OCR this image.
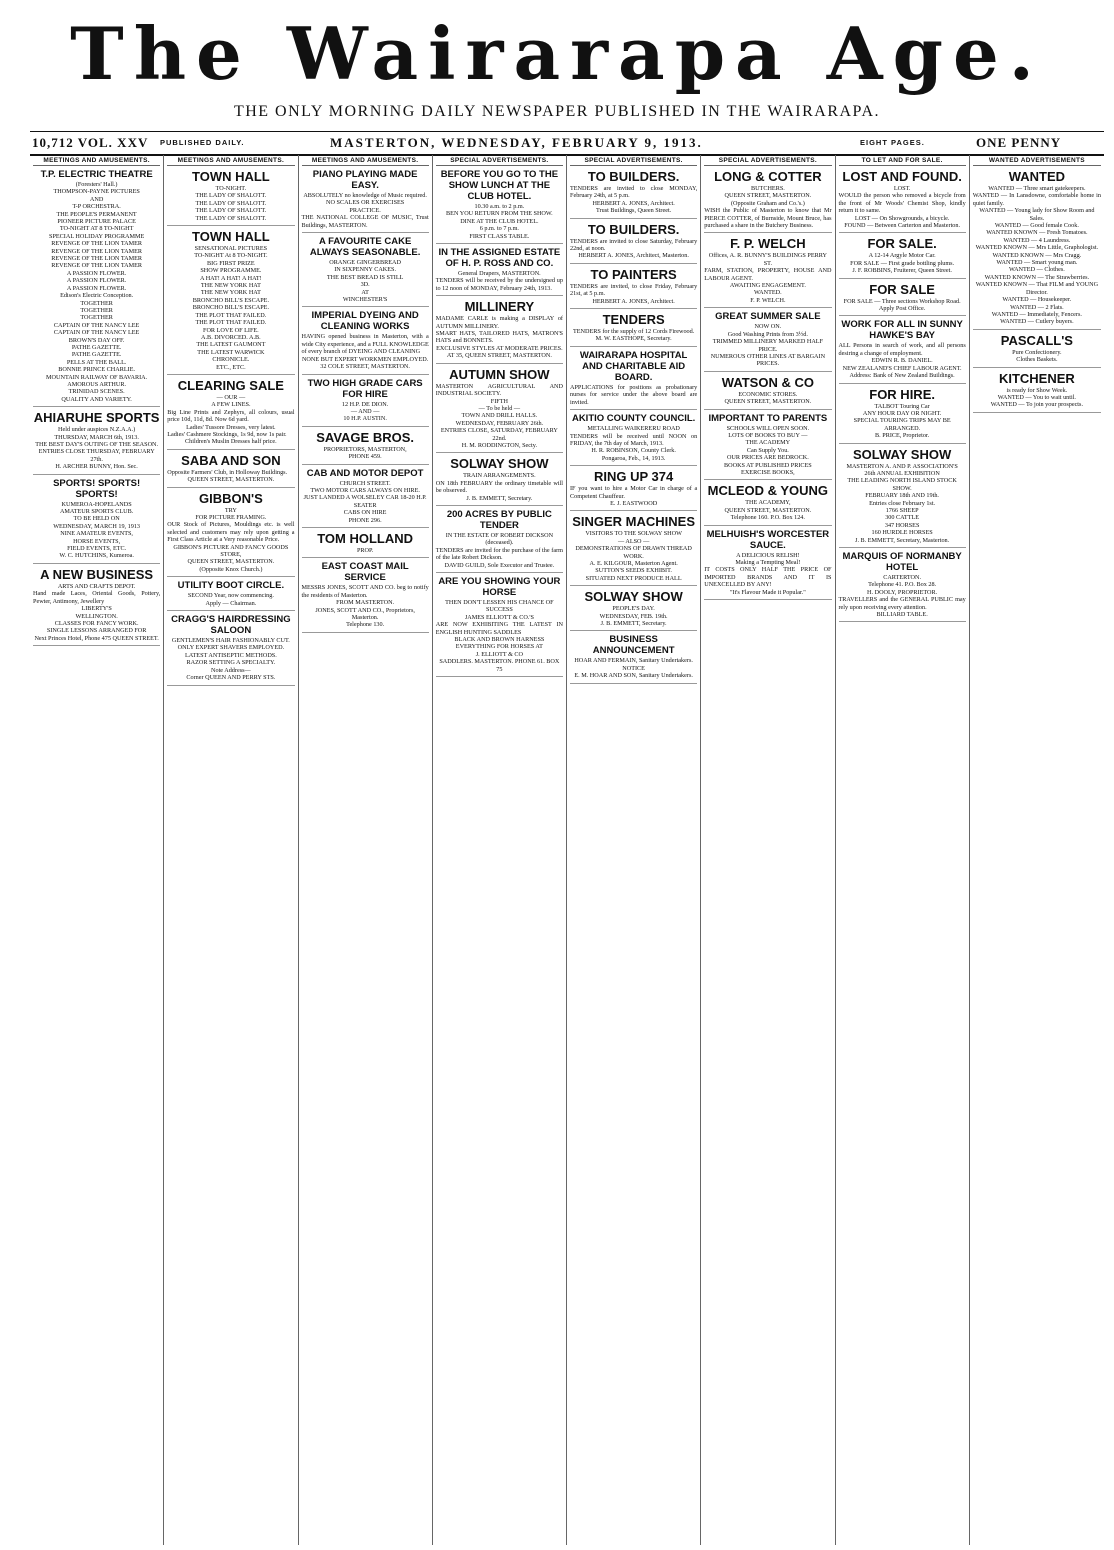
The Wairarapa Age.
THE ONLY MORNING DAILY NEWSPAPER PUBLISHED IN THE WAIRARAPA.
10,712 VOL. XXV PUBLISHED DAILY.	MASTERTON, WEDNESDAY, FEBRUARY 9, 1913.	EIGHT PAGES.	ONE PENNY
MEETINGS AND AMUSEMENTS.
T.P. ELECTRIC THEATRE
(Foresters' Hall.)
THOMPSON-PAYNE PICTURES
AND
T-P ORCHESTRA.
THE PEOPLE'S PERMANENT
PIONEER PICTURE PALACE
TO-NIGHT AT 8 TO-NIGHT
SPECIAL HOLIDAY PROGRAMME
REVENGE OF THE LION TAMER
REVENGE OF THE LION TAMER
REVENGE OF THE LION TAMER
REVENGE OF THE LION TAMER
A PASSION FLOWER.
A PASSION FLOWER.
A PASSION FLOWER.
Edison's Electric Conception.
TOGETHER
TOGETHER
TOGETHER
CAPTAIN OF THE NANCY LEE
CAPTAIN OF THE NANCY LEE
BROWN'S DAY OFF.
PATHE GAZETTE.
PATHE GAZETTE.
PELLS AT THE BALL.
BONNIE PRINCE CHARLIE.
MOUNTAIN RAILWAY OF BAVARIA.
AMOROUS ARTHUR.
TRINIDAD SCENES.
QUALITY AND VARIETY.
AHIARUHE SPORTS
Held under auspices N.Z.A.A.)
THURSDAY, MARCH 6th, 1913.
THE BEST DAY'S OUTING OF THE SEASON.
ENTRIES CLOSE THURSDAY, FEBRUARY 27th.
H. ARCHER BUNNY, Hon. Sec.
SPORTS! SPORTS! SPORTS!
KUMEROA-HOPELANDS
AMATEUR SPORTS CLUB.
TO BE HELD ON
WEDNESDAY, MARCH 19, 1913
NINE AMATEUR EVENTS,
HORSE EVENTS,
FIELD EVENTS, ETC.
W. C. HUTCHINS, Kumeroa.
A NEW BUSINESS
ARTS AND CRAFTS DEPOT.
Hand made Laces, Oriental Goods, Pottery, Pewter, Antimony, Jewellery
LIBERTY'S
WELLINGTON.
CLASSES FOR FANCY WORK.
SINGLE LESSONS ARRANGED FOR
Next Princes Hotel, Phone 475 QUEEN STREET.
MEETINGS AND AMUSEMENTS.
TOWN HALL
TO-NIGHT.
THE LADY OF SHALOTT.
THE LADY OF SHALOTT.
THE LADY OF SHALOTT.
THE LADY OF SHALOTT.
TOWN HALL
SENSATIONAL PICTURES
TO-NIGHT At 8 TO-NIGHT.
BIG FIRST PRIZE
SHOW PROGRAMME.
A HAT! A HAT! A HAT!
THE NEW YORK HAT
THE NEW YORK HAT
BRONCHO BILL'S ESCAPE.
BRONCHO BILL'S ESCAPE.
THE PLOT THAT FAILED.
THE PLOT THAT FAILED.
FOR LOVE OF LIFE.
A.B. DIVORCED. A.B.
THE LATEST GAUMONT
THE LATEST WARWICK
CHRONICLE.
ETC., ETC.
CLEARING SALE
— OUR —
A FEW LINES.
Big Line Prints and Zephyrs, all colours, usual price 10d, 11d, 8d. Now 6d yard.
Ladies' Tussore Dresses, very latest.
Ladies' Cashmere Stockings, 1s 9d, now 1s pair.
Children's Muslin Dresses half price.
SABA AND SON
Opposite Farmers' Club, in Holloway Buildings.
QUEEN STREET, MASTERTON.
GIBBON'S
TRY
FOR PICTURE FRAMING.
OUR Stock of Pictures, Mouldings etc. is well selected and customers may rely upon getting a First Class Article at a Very reasonable Price.
GIBBON'S PICTURE AND FANCY GOODS STORE,
QUEEN STREET, MASTERTON.
(Opposite Knox Church.)
UTILITY BOOT CIRCLE.
SECOND Year, now commencing.
Apply — Chairman.
CRAGG'S HAIRDRESSING SALOON
GENTLEMEN'S HAIR FASHIONABLY CUT.
ONLY EXPERT SHAVERS EMPLOYED.
LATEST ANTISEPTIC METHODS.
RAZOR SETTING A SPECIALTY.
Note Address—
Corner QUEEN AND PERRY STS.
MEETINGS AND AMUSEMENTS.
PIANO PLAYING MADE EASY.
ABSOLUTELY no knowledge of Music required.
NO SCALES OR EXERCISES
PRACTICE.
THE NATIONAL COLLEGE OF MUSIC, Trust Buildings, MASTERTON.
A FAVOURITE CAKE ALWAYS SEASONABLE.
ORANGE GINGERBREAD
IN SIXPENNY CAKES.
THE BEST BREAD IS STILL
3D.
AT
WINCHESTER'S
IMPERIAL DYEING AND CLEANING WORKS
HAVING opened business in Masterton, with a wide City experience, and a FULL KNOWLEDGE of every branch of DYEING AND CLEANING
NONE BUT EXPERT WORKMEN EMPLOYED.
32 COLE STREET, MASTERTON.
TWO HIGH GRADE CARS FOR HIRE
12 H.P. DE DION.
— AND —
10 H.P. AUSTIN.
SAVAGE BROS.
PROPRIETORS, MASTERTON,
PHONE 459.
CAB AND MOTOR DEPOT
CHURCH STREET.
TWO MOTOR CARS ALWAYS ON HIRE.
JUST LANDED A WOLSELEY CAR 18-20 H.P. SEATER
CABS ON HIRE
PHONE 296.
TOM HOLLAND
PROP.
EAST COAST MAIL SERVICE
MESSRS JONES, SCOTT AND CO. beg to notify the residents of Masterton.
FROM MASTERTON.
JONES, SCOTT AND CO., Proprietors, Masterton.
Telephone 130.
SPECIAL ADVERTISEMENTS.
BEFORE YOU GO TO THE SHOW LUNCH AT THE CLUB HOTEL.
10.30 a.m. to 2 p.m.
BEN YOU RETURN FROM THE SHOW.
DINE AT THE CLUB HOTEL.
6 p.m. to 7 p.m.
FIRST CLASS TABLE.
IN THE ASSIGNED ESTATE OF H. P. ROSS AND CO.
General Drapers, MASTERTON.
TENDERS will be received by the undersigned up to 12 noon of MONDAY, February 24th, 1913.
MILLINERY
MADAME CARLE is making a DISPLAY of AUTUMN MILLINERY.
SMART HATS, TAILORED HATS, MATRON'S HATS and BONNETS.
EXCLUSIVE STYLES AT MODERATE PRICES.
AT 35, QUEEN STREET, MASTERTON.
AUTUMN SHOW
MASTERTON AGRICULTURAL AND INDUSTRIAL SOCIETY.
FIFTH
— To be held —
TOWN AND DRILL HALLS.
WEDNESDAY, FEBRUARY 26th.
ENTRIES CLOSE, SATURDAY, FEBRUARY 22nd.
H. M. RODDINGTON, Secty.
SOLWAY SHOW
TRAIN ARRANGEMENTS.
ON 18th FEBRUARY the ordinary timetable will be observed.
J. B. EMMETT, Secretary.
200 ACRES BY PUBLIC TENDER
IN THE ESTATE OF ROBERT DICKSON (deceased).
TENDERS are invited for the purchase of the farm of the late Robert Dickson.
DAVID GUILD, Sole Executor and Trustee.
ARE YOU SHOWING YOUR HORSE
THEN DON'T LESSEN HIS CHANCE OF SUCCESS
JAMES ELLIOTT & CO.'S
ARE NOW EXHIBITING THE LATEST IN ENGLISH HUNTING SADDLES
BLACK AND BROWN HARNESS
EVERYTHING FOR HORSES AT
J. ELLIOTT & CO
SADDLERS. MASTERTON. PHONE 61. BOX 75
SPECIAL ADVERTISEMENTS.
TO BUILDERS.
TENDERS are invited to close MONDAY, February 24th, at 5 p.m.
HERBERT A. JONES, Architect.
Trust Buildings, Queen Street.
TO BUILDERS.
TENDERS are invited to close Saturday, February 22nd, at noon.
HERBERT A. JONES, Architect, Masterton.
TO PAINTERS
TENDERS are invited, to close Friday, February 21st, at 5 p.m.
HERBERT A. JONES, Architect.
TENDERS
TENDERS for the supply of 12 Cords Firewood.
M. W. EASTHOPE, Secretary.
WAIRARAPA HOSPITAL AND CHARITABLE AID BOARD.
APPLICATIONS for positions as probationary nurses for service under the above board are invited.
AKITIO COUNTY COUNCIL.
METALLING WAIKERERU ROAD
TENDERS will be received until NOON on FRIDAY, the 7th day of March, 1913.
H. R. ROBINSON, County Clerk.
Pongaroa, Feb., 14, 1913.
RING UP 374
IF you want to hire a Motor Car in charge of a Competent Chauffeur.
E. J. EASTWOOD
SINGER MACHINES
VISITORS TO THE SOLWAY SHOW
— ALSO —
DEMONSTRATIONS OF DRAWN THREAD WORK.
A. E. KILGOUR, Masterton Agent.
SUTTON'S SEEDS EXHIBIT.
SITUATED NEXT PRODUCE HALL
SOLWAY SHOW
PEOPLE'S DAY.
WEDNESDAY, FEB. 19th.
J. B. EMMETT, Secretary.
BUSINESS ANNOUNCEMENT
HOAR AND FERMAIN, Sanitary Undertakers.
NOTICE
E. M. HOAR AND SON, Sanitary Undertakers.
SPECIAL ADVERTISEMENTS.
LONG & COTTER
BUTCHERS.
QUEEN STREET, MASTERTON.
(Opposite Graham and Co.'s.)
WISH the Public of Masterton to know that Mr PIERCE COTTER, of Burnside, Mount Bruce, has purchased a share in the Butchery Business.
F. P. WELCH
Offices, A. R. BUNNY'S BUILDINGS PERRY ST.
FARM, STATION, PROPERTY, HOUSE AND LABOUR AGENT.
AWAITING ENGAGEMENT.
WANTED.
F. P. WELCH.
GREAT SUMMER SALE
NOW ON.
Good Washing Prints from 3½d.
TRIMMED MILLINERY MARKED HALF PRICE.
NUMEROUS OTHER LINES AT BARGAIN PRICES.
WATSON & CO
ECONOMIC STORES.
QUEEN STREET, MASTERTON.
IMPORTANT TO PARENTS
SCHOOLS WILL OPEN SOON.
LOTS OF BOOKS TO BUY —
THE ACADEMY
Can Supply You.
OUR PRICES ARE BEDROCK.
BOOKS AT PUBLISHED PRICES
EXERCISE BOOKS,
MCLEOD & YOUNG
THE ACADEMY,
QUEEN STREET, MASTERTON.
Telephone 160. P.O. Box 124.
MELHUISH'S WORCESTER SAUCE.
A DELICIOUS RELISH!
Making a Tempting Meal!
IT COSTS ONLY HALF THE PRICE OF IMPORTED BRANDS AND IT IS UNEXCELLED BY ANY!
"It's Flavour Made it Popular."
TO LET AND FOR SALE.
LOST AND FOUND.
LOST.
WOULD the person who removed a bicycle from the front of Mr Woods' Chemist Shop, kindly return it to same.
LOST — On Showgrounds, a bicycle.
FOUND — Between Carterton and Masterton.
FOR SALE.
A 12-14 Argyle Motor Car.
FOR SALE — First grade bottling plums.
J. F. ROBBINS, Fruiterer, Queen Street.
FOR SALE
FOR SALE — Three sections Workshop Road.
Apply Post Office.
WORK FOR ALL IN SUNNY HAWKE'S BAY
ALL Persons in search of work, and all persons desiring a change of employment.
EDWIN R. B. DANIEL.
NEW ZEALAND'S CHIEF LABOUR AGENT.
Address: Bank of New Zealand Buildings.
FOR HIRE.
TALBOT Touring Car
ANY HOUR DAY OR NIGHT.
SPECIAL TOURING TRIPS MAY BE ARRANGED.
B. PRICE, Proprietor.
SOLWAY SHOW
MASTERTON A. AND P. ASSOCIATION'S
26th ANNUAL EXHIBITION
THE LEADING NORTH ISLAND STOCK SHOW.
FEBRUARY 18th AND 19th.
Entries close February 1st.
1766 SHEEP
300 CATTLE
347 HORSES
160 HURDLE HORSES
J. B. EMMETT, Secretary, Masterton.
MARQUIS OF NORMANBY HOTEL
CARTERTON.
Telephone 41. P.O. Box 28.
H. DOOLY, PROPRIETOR.
TRAVELLERS and the GENERAL PUBLIC may rely upon receiving every attention.
BILLIARD TABLE.
WANTED ADVERTISEMENTS
WANTED
WANTED — Three smart gatekeepers.
WANTED — In Lansdowne, comfortable home in quiet family.
WANTED — Young lady for Show Room and Sales.
WANTED — Good female Cook.
WANTED KNOWN — Fresh Tomatoes.
WANTED — 4 Laundress.
WANTED KNOWN — Mrs Little, Graphologist.
WANTED KNOWN — Mrs Cragg.
WANTED — Smart young man.
WANTED — Clothes.
WANTED KNOWN — The Strawberries.
WANTED KNOWN — That FILM and YOUNG Director.
WANTED — Housekeeper.
WANTED — 2 Flats.
WANTED — Immediately, Fencers.
WANTED — Cutlery buyers.
PASCALL'S
Pure Confectionery.
Clothes Baskets.
KITCHENER
is ready for Show Week.
WANTED — You to wait until.
WANTED — To join your prospects.
